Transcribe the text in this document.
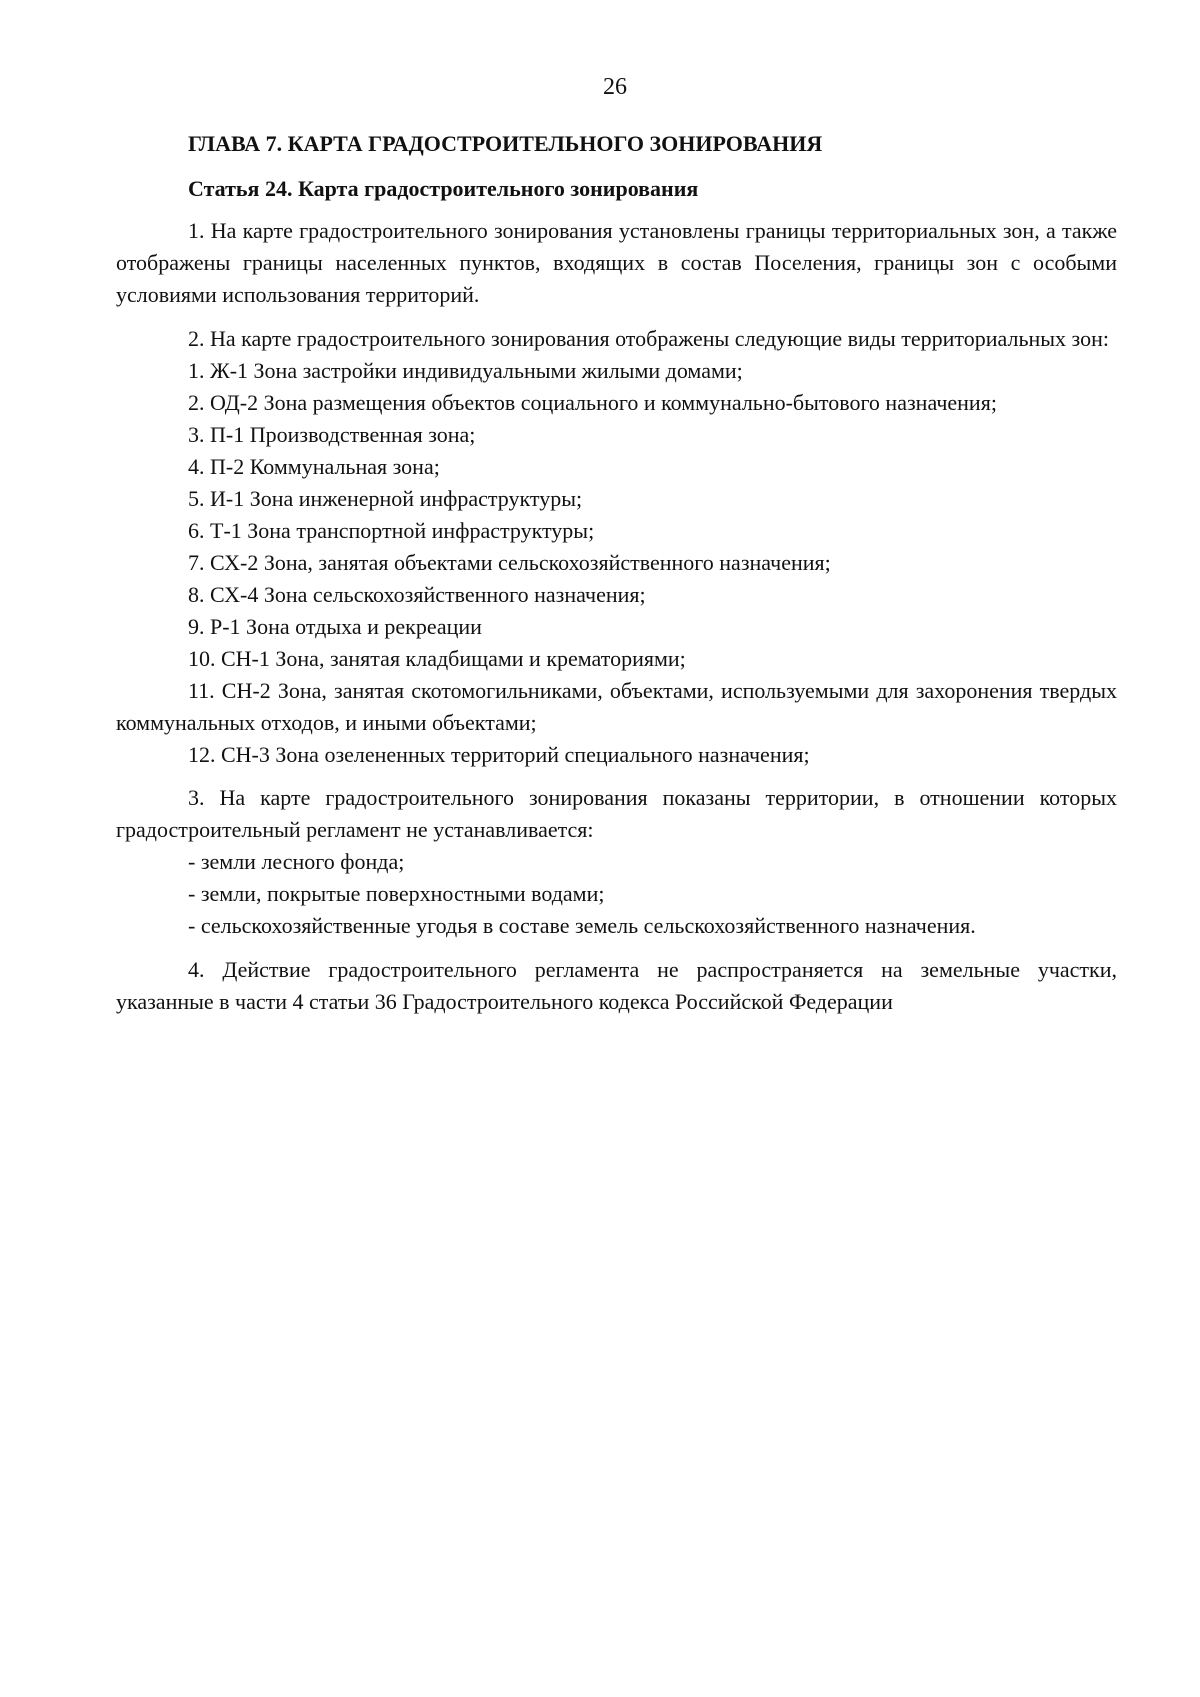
26
ГЛАВА 7. КАРТА ГРАДОСТРОИТЕЛЬНОГО ЗОНИРОВАНИЯ
Статья 24. Карта градостроительного зонирования

1. На карте градостроительного зонирования установлены границы территориальных зон, а также отображены границы населенных пунктов, входящих в состав Поселения, границы зон с особыми условиями использования территорий.

2. На карте градостроительного зонирования отображены следующие виды территориальных зон:

1. Ж-1 Зона застройки индивидуальными жилыми домами;
2. ОД-2 Зона размещения объектов социального и коммунально-бытового назначения;
3. П-1 Производственная зона;
4. П-2 Коммунальная зона;
5. И-1 Зона инженерной инфраструктуры;
6. Т-1 Зона транспортной инфраструктуры;
7. СХ-2 Зона, занятая объектами сельскохозяйственного назначения;
8. СХ-4 Зона сельскохозяйственного назначения;
9. Р-1 Зона отдыха и рекреации
10. СН-1 Зона, занятая кладбищами и крематориями;
11. СН-2 Зона, занятая скотомогильниками, объектами, используемыми для захоронения твердых коммунальных отходов, и иными объектами;
12. СН-3 Зона озелененных территорий специального назначения;

3. На карте градостроительного зонирования показаны территории, в отношении которых градостроительный регламент не устанавливается:

- земли лесного фонда;
- земли, покрытые поверхностными водами;
- сельскохозяйственные угодья в составе земель сельскохозяйственного назначения.

4. Действие градостроительного регламента не распространяется на земельные участки, указанные в части 4 статьи 36 Градостроительного кодекса Российской Федерации
